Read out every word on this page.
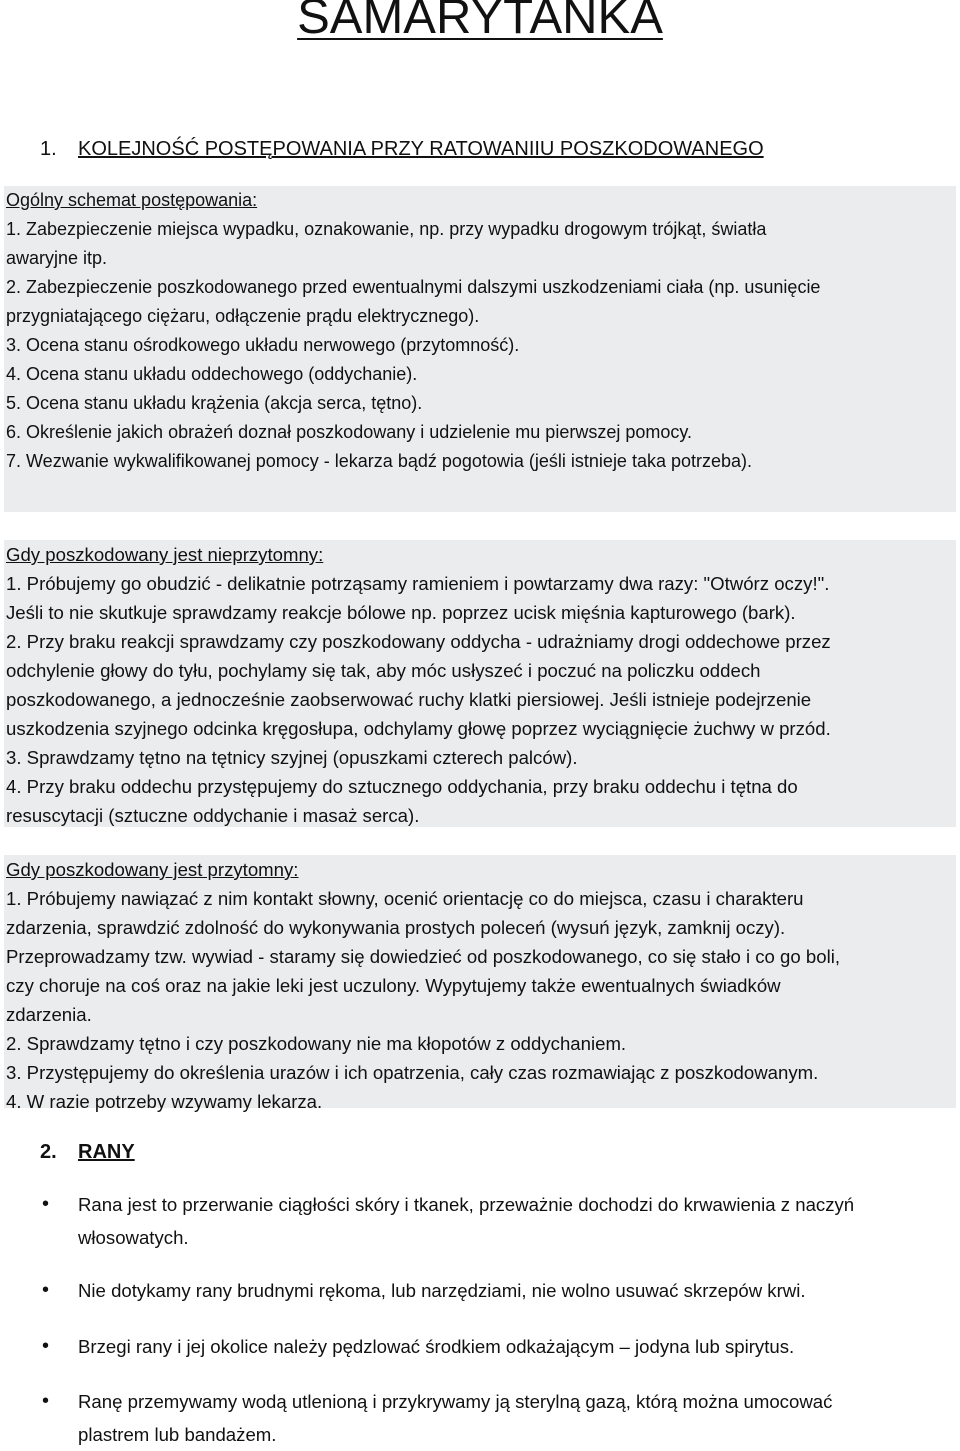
SAMARYTANKA
1.	KOLEJNOŚĆ POSTĘPOWANIA PRZY RATOWANIIU POSZKODOWANEGO
Ogólny schemat postępowania:
1. Zabezpieczenie miejsca wypadku, oznakowanie, np. przy wypadku drogowym trójkąt, światła
awaryjne itp.
2. Zabezpieczenie poszkodowanego przed ewentualnymi dalszymi uszkodzeniami ciała (np. usunięcie
przygniatającego ciężaru, odłączenie prądu elektrycznego).
3. Ocena stanu ośrodkowego układu nerwowego (przytomność).
4. Ocena stanu układu oddechowego (oddychanie).
5. Ocena stanu układu krążenia (akcja serca, tętno).
6. Określenie jakich obrażeń doznał poszkodowany i udzielenie mu pierwszej pomocy.
7. Wezwanie wykwalifikowanej pomocy - lekarza bądź pogotowia (jeśli istnieje taka potrzeba).
Gdy poszkodowany jest nieprzytomny:
1. Próbujemy go obudzić - delikatnie potrząsamy ramieniem i powtarzamy dwa razy: "Otwórz oczy!".
Jeśli to nie skutkuje sprawdzamy reakcje bólowe np. poprzez ucisk mięśnia kapturowego (bark).
2. Przy braku reakcji sprawdzamy czy poszkodowany oddycha - udrażniamy drogi oddechowe przez
odchylenie głowy do tyłu, pochylamy się tak, aby móc usłyszeć i poczuć na policzku oddech
poszkodowanego, a jednocześnie zaobserwować ruchy klatki piersiowej. Jeśli istnieje podejrzenie
uszkodzenia szyjnego odcinka kręgosłupa, odchylamy głowę poprzez wyciągnięcie żuchwy w przód.
3. Sprawdzamy tętno na tętnicy szyjnej (opuszkami czterech palców).
4. Przy braku oddechu przystępujemy do sztucznego oddychania, przy braku oddechu i tętna do
resuscytacji (sztuczne oddychanie i masaż serca).
Gdy poszkodowany jest przytomny:
1. Próbujemy nawiązać z nim kontakt słowny, ocenić orientację co do miejsca, czasu i charakteru
zdarzenia, sprawdzić zdolność do wykonywania prostych poleceń (wysuń język, zamknij oczy).
Przeprowadzamy tzw. wywiad - staramy się dowiedzieć od poszkodowanego, co się stało i co go boli,
czy choruje na coś oraz na jakie leki jest uczulony. Wypytujemy także ewentualnych świadków
zdarzenia.
2. Sprawdzamy tętno i czy poszkodowany nie ma kłopotów z oddychaniem.
3. Przystępujemy do określenia urazów i ich opatrzenia, cały czas rozmawiając z poszkodowanym.
4. W razie potrzeby wzywamy lekarza.
2.	RANY
• Rana jest to przerwanie ciągłości skóry i tkanek, przeważnie dochodzi do krwawienia z naczyń
włosowatych.
• Nie dotykamy rany brudnymi rękoma, lub narzędziami, nie wolno usuwać skrzepów krwi.
• Brzegi rany i jej okolice należy pędzlować środkiem odkażającym – jodyna lub spirytus.
• Ranę przemywamy wodą utlenioną i przykrywamy ją sterylną gazą, którą można umocować
plastrem lub bandażem.
